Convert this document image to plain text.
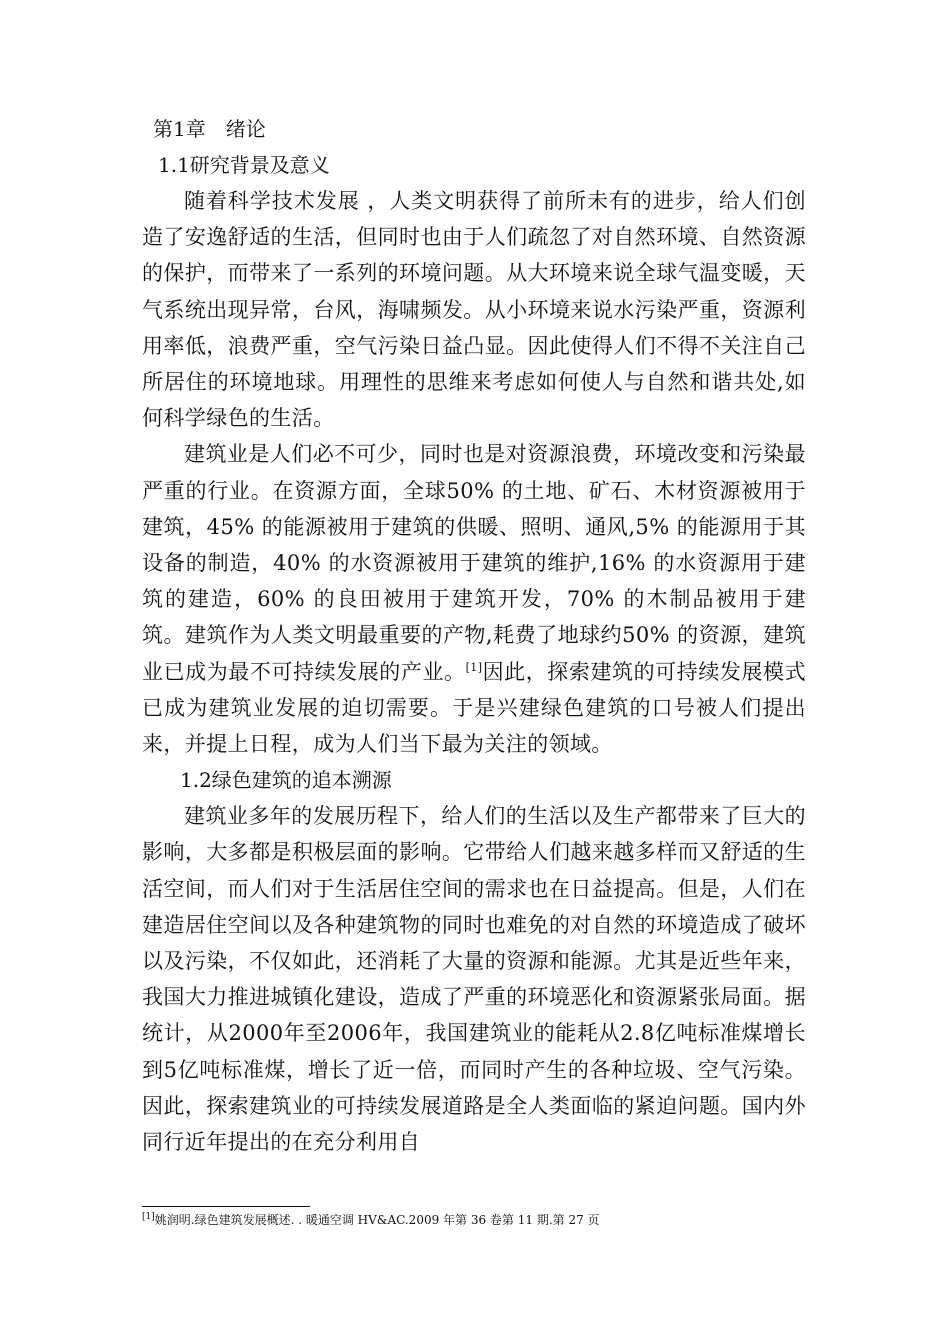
第1章　绪论
1.1研究背景及意义

随着科学技术发展 ，人类文明获得了前所未有的进步，给人们创造了安逸舒适的生活，但同时也由于人们疏忽了对自然环境、自然资源的保护，而带来了一系列的环境问题。从大环境来说全球气温变暖，天气系统出现异常，台风，海啸频发。从小环境来说水污染严重，资源利用率低，浪费严重，空气污染日益凸显。因此使得人们不得不关注自己所居住的环境地球。用理性的思维来考虑如何使人与自然和谐共处,如何科学绿色的生活。

建筑业是人们必不可少，同时也是对资源浪费，环境改变和污染最严重的行业。在资源方面，全球50% 的土地、矿石、木材资源被用于建筑，45% 的能源被用于建筑的供暖、照明、通风,5% 的能源用于其设备的制造，40% 的水资源被用于建筑的维护,16% 的水资源用于建筑的建造，60% 的良田被用于建筑开发，70% 的木制品被用于建筑。建筑作为人类文明最重要的产物,耗费了地球约50% 的资源，建筑业已成为最不可持续发展的产业。[1]因此，探索建筑的可持续发展模式已成为建筑业发展的迫切需要。于是兴建绿色建筑的口号被人们提出来，并提上日程，成为人们当下最为关注的领域。

1.2绿色建筑的追本溯源

建筑业多年的发展历程下，给人们的生活以及生产都带来了巨大的影响，大多都是积极层面的影响。它带给人们越来越多样而又舒适的生活空间，而人们对于生活居住空间的需求也在日益提高。但是，人们在建造居住空间以及各种建筑物的同时也难免的对自然的环境造成了破坏以及污染，不仅如此，还消耗了大量的资源和能源。尤其是近些年来，我国大力推进城镇化建设，造成了严重的环境恶化和资源紧张局面。据统计，从2000年至2006年，我国建筑业的能耗从2.8亿吨标准煤增长到5亿吨标准煤，增长了近一倍，而同时产生的各种垃圾、空气污染。因此，探索建筑业的可持续发展道路是全人类面临的紧迫问题。国内外同行近年提出的在充分利用自

[1]姚润明.绿色建筑发展概述. . 暖通空调 HV&AC.2009 年第 36 卷第 11 期.第 27 页
